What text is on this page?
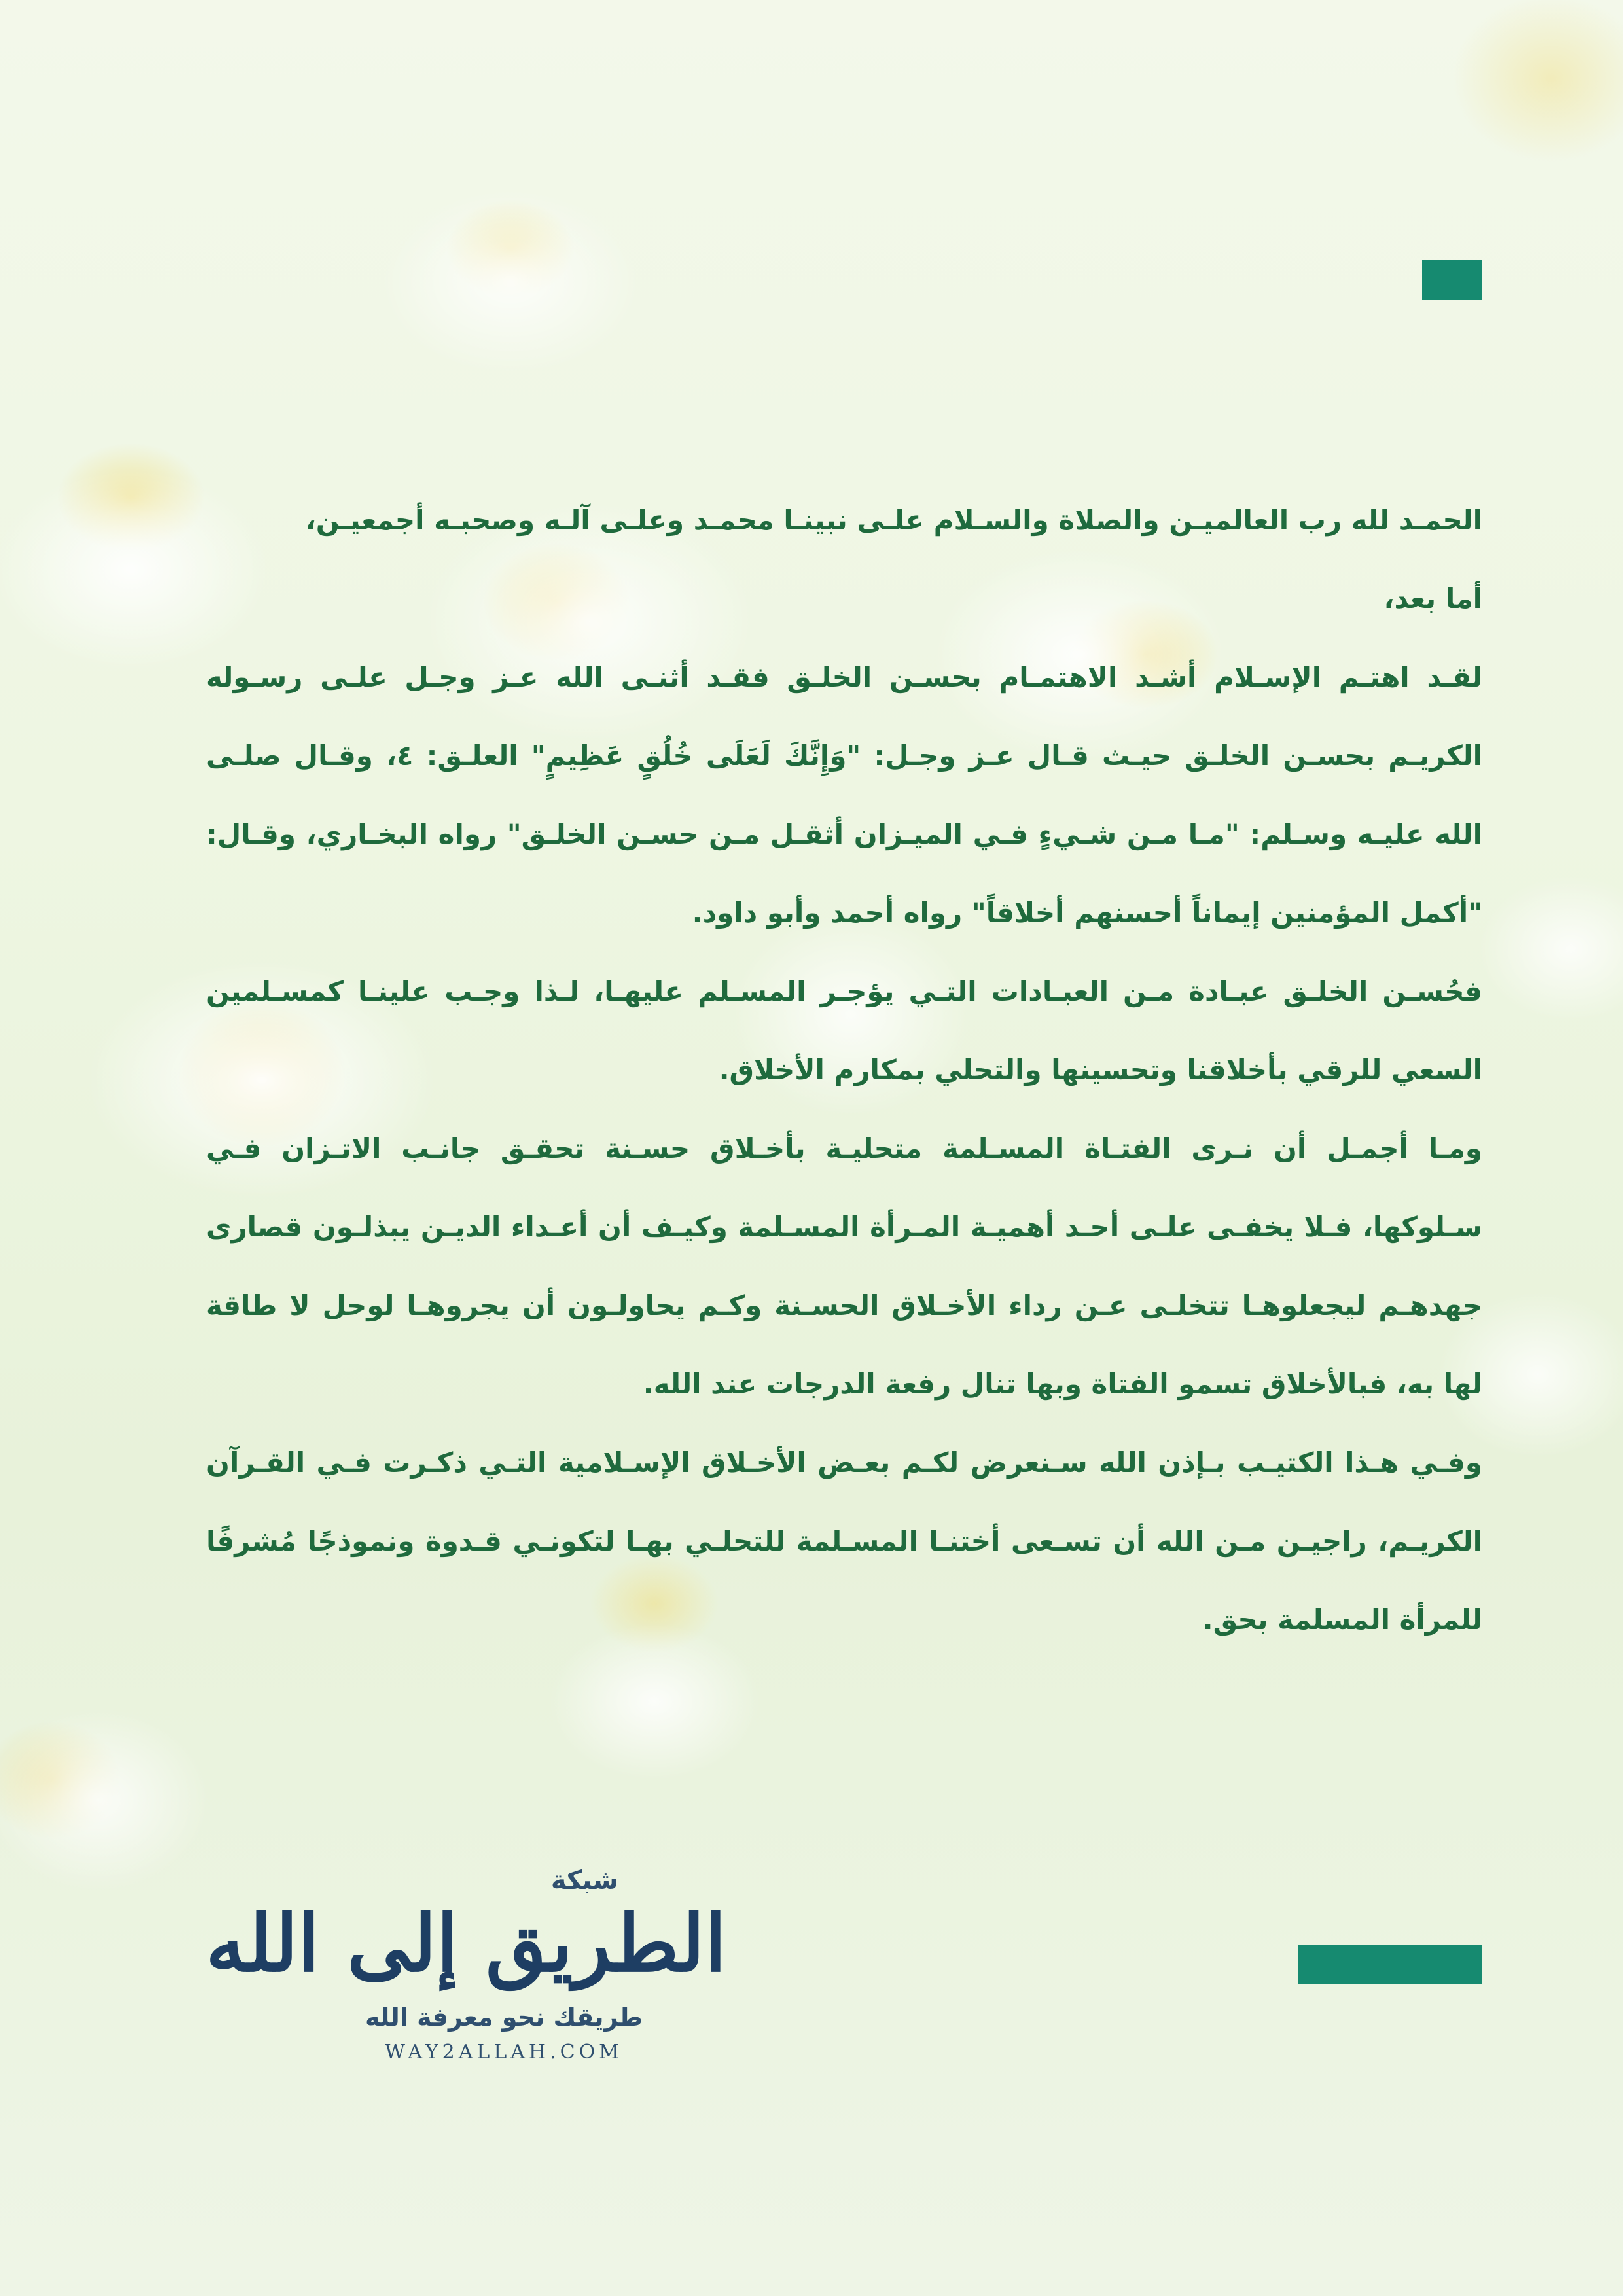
الحمـد لله رب العالميـن والصلاة والسـلام علـى نبينـا محمـد وعلـى آلـه وصحبـه أجمعيـن،

أما بعد،

لقـد اهتـم الإسـلام أشـد الاهتمـام بحسـن الخلـق فقـد أثنـى الله عـز وجـل علـى رسـوله الكريـم بحسـن الخلـق حيـث قـال عـز وجـل: "وَإِنَّكَ لَعَلَى خُلُقٍ عَظِيمٍ" العلـق: ٤، وقـال صلـى الله عليـه وسـلم: "مـا مـن شـيءٍ فـي الميـزان أثقـل مـن حسـن الخلـق" رواه البخـاري، وقـال: "أكمل المؤمنين إيماناً أحسنهم أخلاقاً" رواه أحمد وأبو داود.

فحُسـن الخلـق عبـادة مـن العبـادات التـي يؤجـر المسـلم عليهـا، لـذا وجـب علينـا كمسـلمين السعي للرقي بأخلاقنا وتحسينها والتحلي بمكارم الأخلاق.

ومـا أجمـل أن نـرى الفتـاة المسـلمة متحليـة بأخـلاق حسـنة تحقـق جانـب الاتـزان فـي سـلوكها، فـلا يخفـى علـى أحـد أهميـة المـرأة المسـلمة وكيـف أن أعـداء الديـن يبذلـون قصارى جهدهـم ليجعلوهـا تتخلـى عـن رداء الأخـلاق الحسـنة وكـم يحاولـون أن يجروهـا لوحل لا طاقة لها به، فبالأخلاق تسمو الفتاة وبها تنال رفعة الدرجات عند الله.

وفـي هـذا الكتيـب بـإذن الله سـنعرض لكـم بعـض الأخـلاق الإسـلامية التـي ذكـرت فـي القـرآن الكريـم، راجيـن مـن الله أن تسـعى أختنـا المسـلمة للتحلـي بهـا لتكونـي قـدوة ونموذجًا مُشرفًا للمرأة المسلمة بحق.

شبكة
الطريق إلى الله
طريقك نحو معرفة الله
WAY2ALLAH.COM
